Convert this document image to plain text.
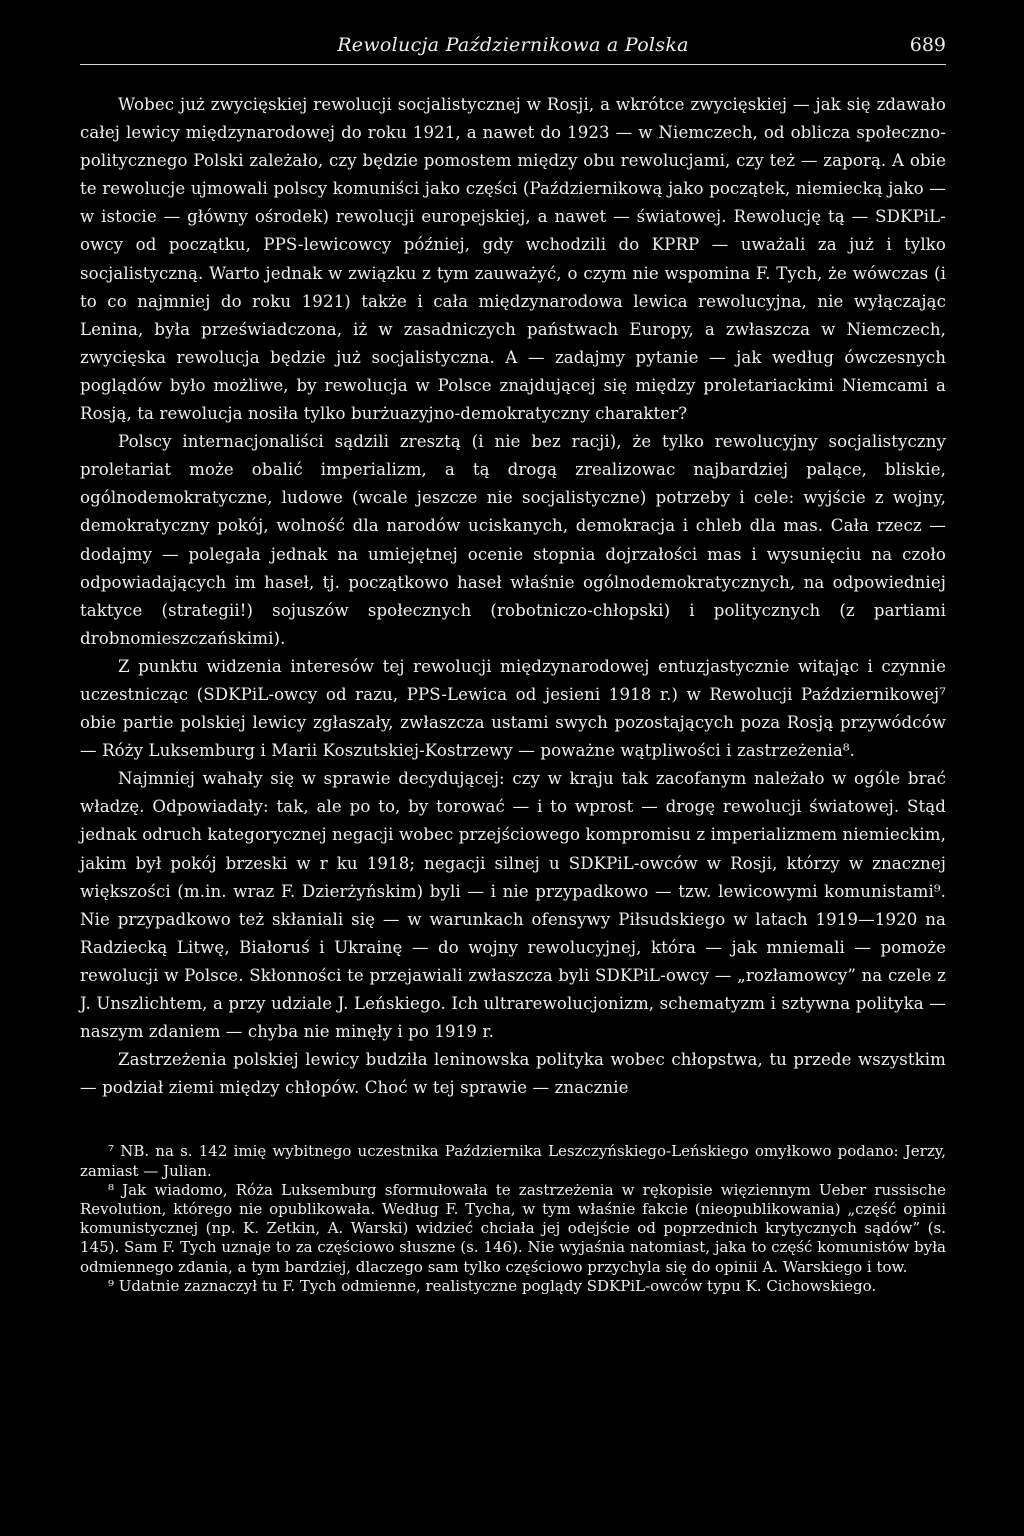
Rewolucja Październikowa a Polska	689

Wobec już zwycięskiej rewolucji socjalistycznej w Rosji, a wkrótce zwycięskiej — jak się zdawało całej lewicy międzynarodowej do roku 1921, a nawet do 1923 — w Niemczech, od oblicza społeczno-politycznego Polski zależało, czy będzie pomostem między obu rewolucjami, czy też — zaporą. A obie te rewolucje ujmowali polscy komuniści jako części (Październikową jako początek, niemiecką jako — w istocie — główny ośrodek) rewolucji europejskiej, a nawet — światowej. Rewolucję tą — SDKPiL-owcy od początku, PPS-lewicowcy później, gdy wchodzili do KPRP — uważali za już i tylko socjalistyczną. Warto jednak w związku z tym zauważyć, o czym nie wspomina F. Tych, że wówczas (i to co najmniej do roku 1921) także i cała międzynarodowa lewica rewolucyjna, nie wyłączając Lenina, była przeświadczona, iż w zasadniczych państwach Europy, a zwłaszcza w Niemczech, zwycięska rewolucja będzie już socjalistyczna. A — zadajmy pytanie — jak według ówczesnych poglądów było możliwe, by rewolucja w Polsce znajdującej się między proletariackimi Niemcami a Rosją, ta rewolucja nosiła tylko burżuazyjno-demokratyczny charakter?

Polscy internacjonaliści sądzili zresztą (i nie bez racji), że tylko rewolucyjny socjalistyczny proletariat może obalić imperializm, a tą drogą zrealizowac najbardziej palące, bliskie, ogólnodemokratyczne, ludowe (wcale jeszcze nie socjalistyczne) potrzeby i cele: wyjście z wojny, demokratyczny pokój, wolność dla narodów uciskanych, demokracja i chleb dla mas. Cała rzecz — dodajmy — polegała jednak na umiejętnej ocenie stopnia dojrzałości mas i wysunięciu na czoło odpowiadających im haseł, tj. początkowo haseł właśnie ogólnodemokratycznych, na odpowiedniej taktyce (strategii!) sojuszów społecznych (robotniczo-chłopski) i politycznych (z partiami drobnomieszczańskimi).

Z punktu widzenia interesów tej rewolucji międzynarodowej entuzjastycznie witając i czynnie uczestnicząc (SDKPiL-owcy od razu, PPS-Lewica od jesieni 1918 r.) w Rewolucji Październikowej⁷ obie partie polskiej lewicy zgłaszały, zwłaszcza ustami swych pozostających poza Rosją przywódców — Róży Luksemburg i Marii Koszutskiej-Kostrzewy — poważne wątpliwości i zastrzeżenia⁸.

Najmniej wahały się w sprawie decydującej: czy w kraju tak zacofanym należało w ogóle brać władzę. Odpowiadały: tak, ale po to, by torować — i to wprost — drogę rewolucji światowej. Stąd jednak odruch kategorycznej negacji wobec przejściowego kompromisu z imperializmem niemieckim, jakim był pokój brzeski w r ku 1918; negacji silnej u SDKPiL-owców w Rosji, którzy w znacznej większości (m.in. wraz F. Dzierżyńskim) byli — i nie przypadkowo — tzw. lewicowymi komunistami⁹. Nie przypadkowo też skłaniali się — w warunkach ofensywy Piłsudskiego w latach 1919—1920 na Radziecką Litwę, Białoruś i Ukrainę — do wojny rewolucyjnej, która — jak mniemali — pomoże rewolucji w Polsce. Skłonności te przejawiali zwłaszcza byli SDKPiL-owcy — „rozłamowcy” na czele z J. Unszlichtem, a przy udziale J. Leńskiego. Ich ultrarewolucjonizm, schematyzm i sztywna polityka — naszym zdaniem — chyba nie minęły i po 1919 r.

Zastrzeżenia polskiej lewicy budziła leninowska polityka wobec chłopstwa, tu przede wszystkim — podział ziemi między chłopów. Choć w tej sprawie — znacznie

⁷ NB. na s. 142 imię wybitnego uczestnika Października Leszczyńskiego-Leńskiego omyłkowo podano: Jerzy, zamiast — Julian.

⁸ Jak wiadomo, Róża Luksemburg sformułowała te zastrzeżenia w rękopisie więziennym Ueber russische Revolution, którego nie opublikowała. Według F. Tycha, w tym właśnie fakcie (nieopublikowania) „część opinii komunistycznej (np. K. Zetkin, A. Warski) widzieć chciała jej odejście od poprzednich krytycznych sądów” (s. 145). Sam F. Tych uznaje to za częściowo słuszne (s. 146). Nie wyjaśnia natomiast, jaka to część komunistów była odmiennego zdania, a tym bardziej, dlaczego sam tylko częściowo przychyla się do opinii A. Warskiego i tow.

⁹ Udatnie zaznaczył tu F. Tych odmienne, realistyczne poglądy SDKPiL-owców typu K. Cichowskiego.
